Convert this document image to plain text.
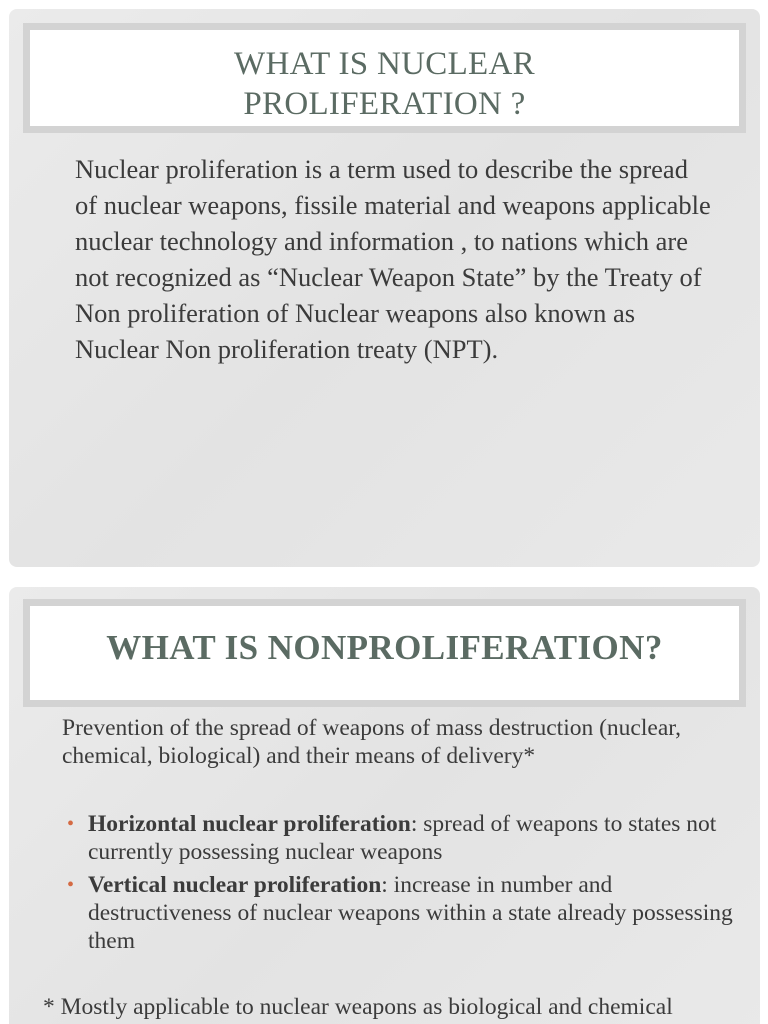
WHAT IS NUCLEAR
PROLIFERATION ?
Nuclear proliferation is a term used to describe the spread of nuclear weapons, fissile material and weapons applicable nuclear technology and information , to nations which are not recognized as “Nuclear Weapon State” by the Treaty of Non proliferation of Nuclear weapons also known as Nuclear Non proliferation treaty (NPT).
WHAT IS NONPROLIFERATION?
Prevention of the spread of weapons of mass destruction (nuclear, chemical, biological) and their means of delivery*
• Horizontal nuclear proliferation: spread of weapons to states not currently possessing nuclear weapons
• Vertical nuclear proliferation: increase in number and destructiveness of nuclear weapons within a state already possessing them
* Mostly applicable to nuclear weapons as biological and chemical
